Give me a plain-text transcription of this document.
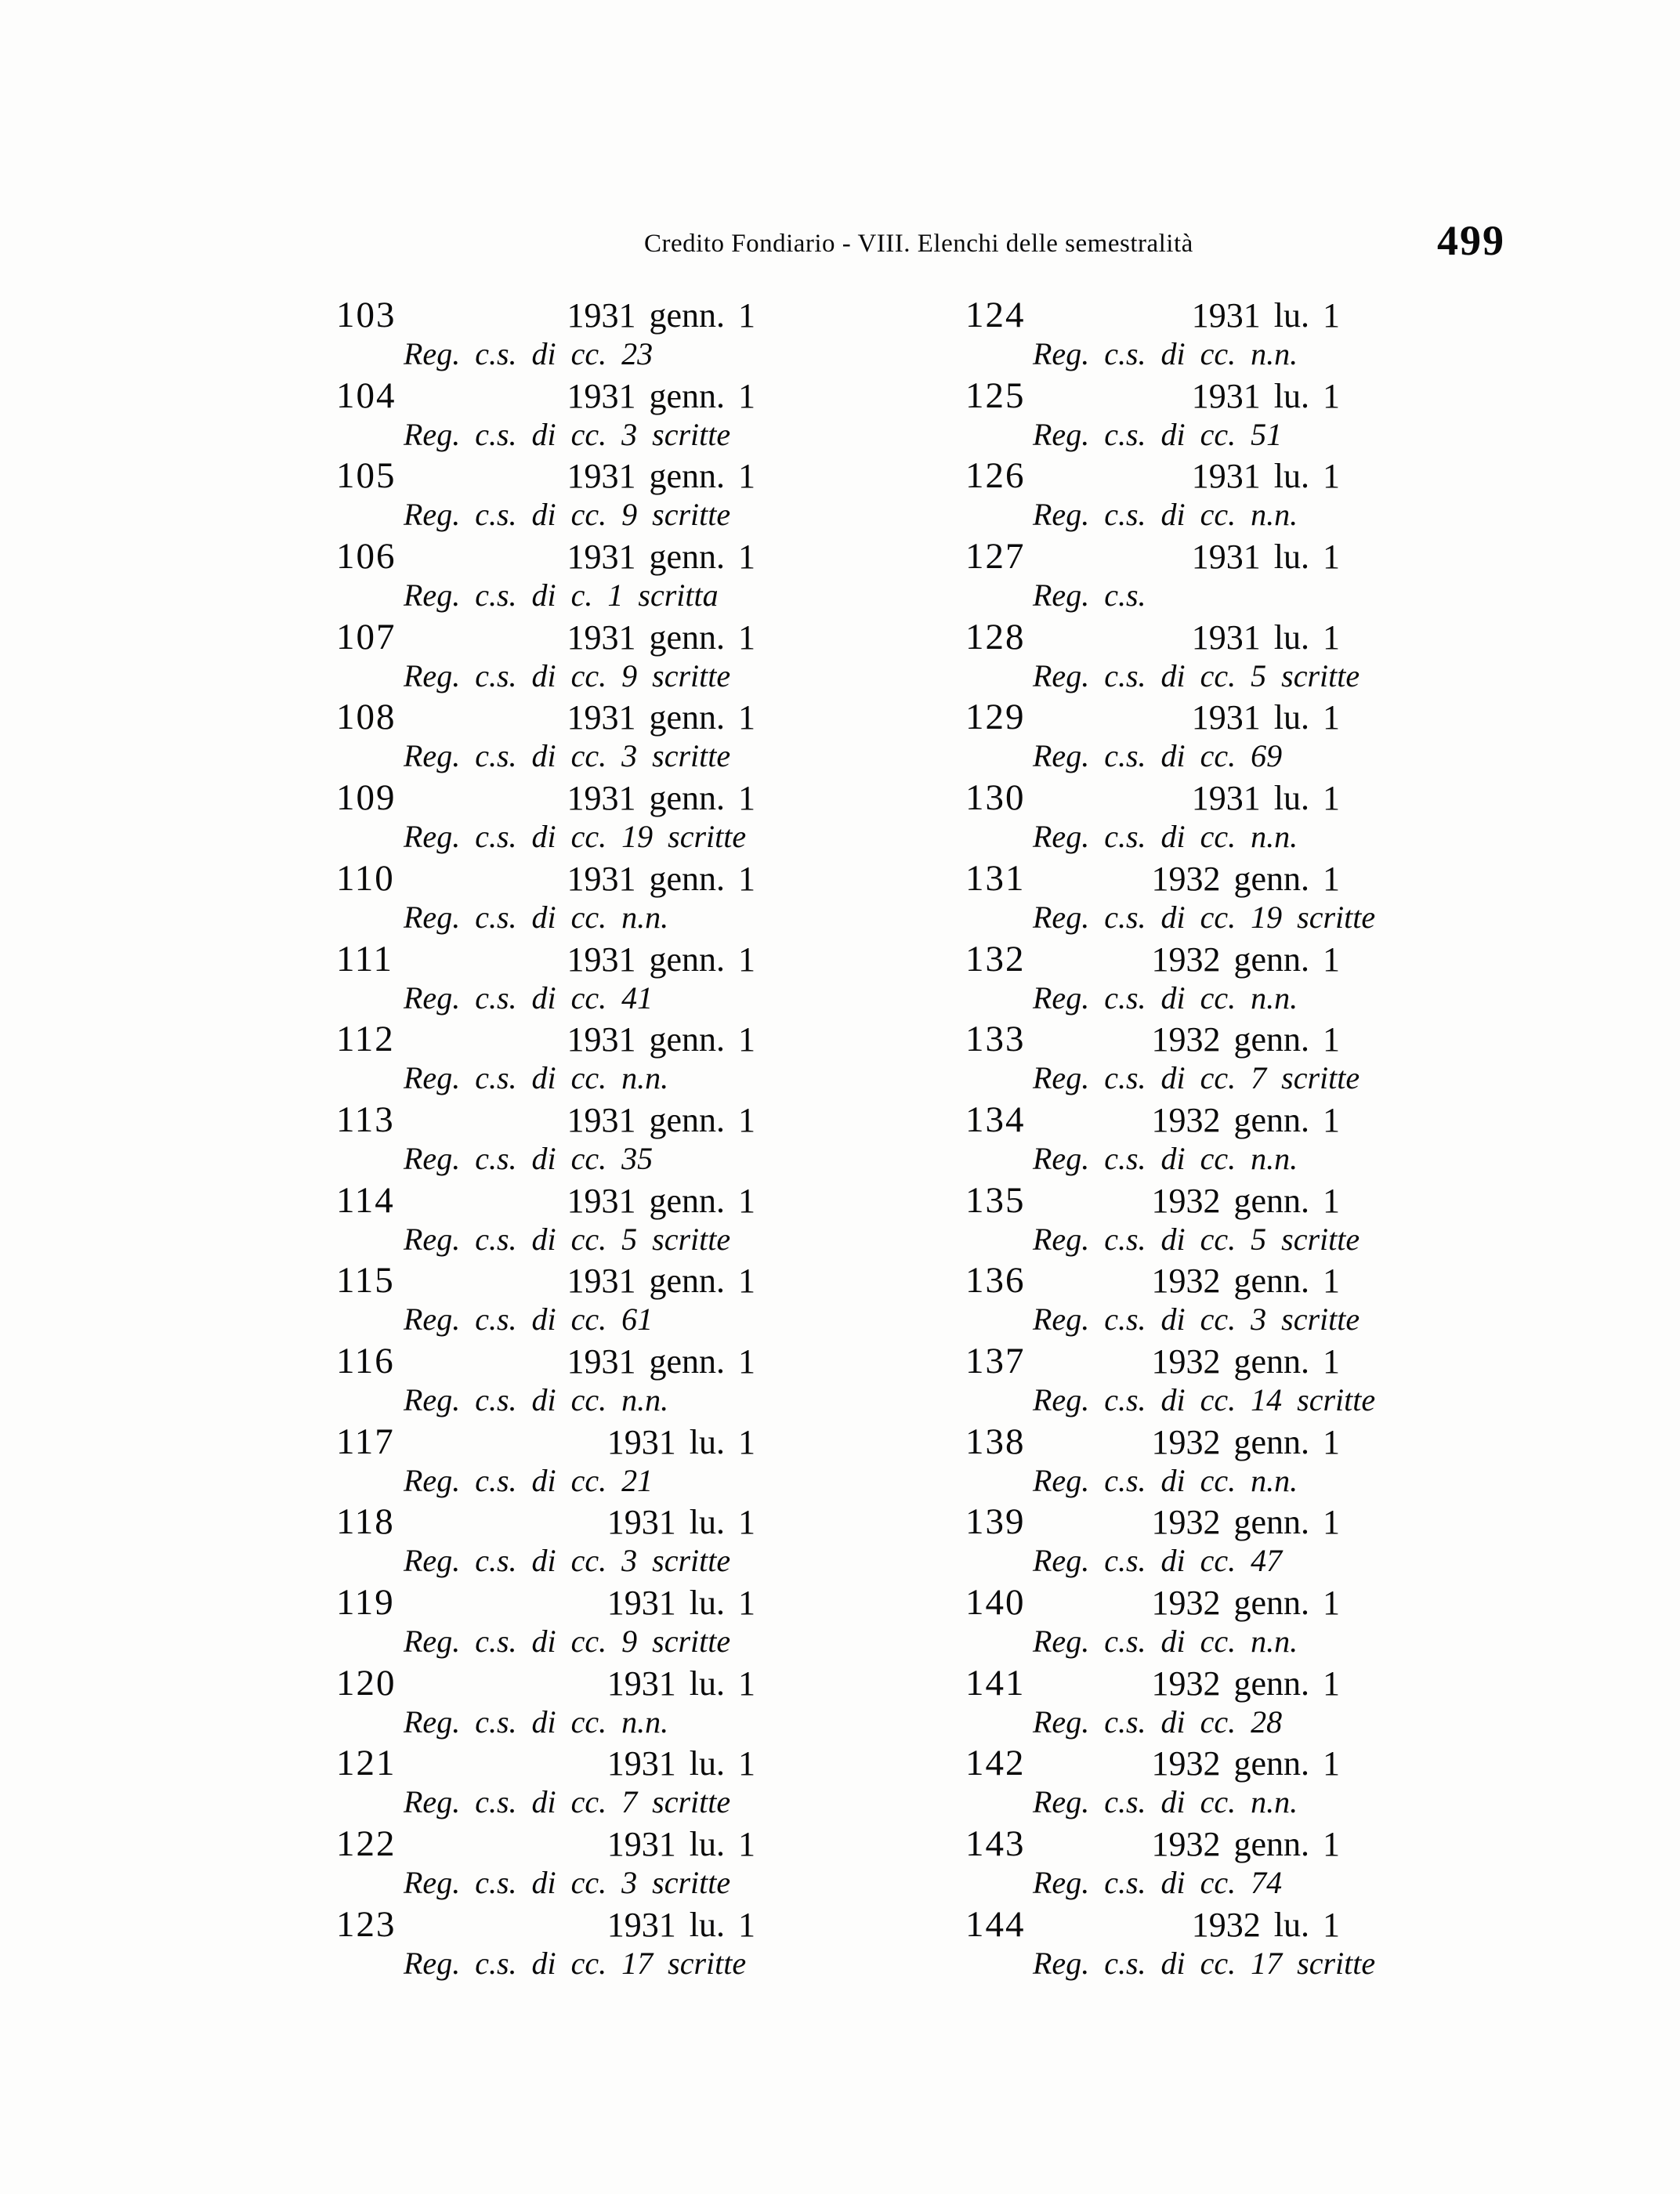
Credito Fondiario - VIII. Elenchi delle semestralità	499
103	1931 genn. 1
Reg. c.s. di cc. 23
104	1931 genn. 1
Reg. c.s. di cc. 3 scritte
105	1931 genn. 1
Reg. c.s. di cc. 9 scritte
106	1931 genn. 1
Reg. c.s. di c. 1 scritta
107	1931 genn. 1
Reg. c.s. di cc. 9 scritte
108	1931 genn. 1
Reg. c.s. di cc. 3 scritte
109	1931 genn. 1
Reg. c.s. di cc. 19 scritte
110	1931 genn. 1
Reg. c.s. di cc. n.n.
111	1931 genn. 1
Reg. c.s. di cc. 41
112	1931 genn. 1
Reg. c.s. di cc. n.n.
113	1931 genn. 1
Reg. c.s. di cc. 35
114	1931 genn. 1
Reg. c.s. di cc. 5 scritte
115	1931 genn. 1
Reg. c.s. di cc. 61
116	1931 genn. 1
Reg. c.s. di cc. n.n.
117	1931 lu. 1
Reg. c.s. di cc. 21
118	1931 lu. 1
Reg. c.s. di cc. 3 scritte
119	1931 lu. 1
Reg. c.s. di cc. 9 scritte
120	1931 lu. 1
Reg. c.s. di cc. n.n.
121	1931 lu. 1
Reg. c.s. di cc. 7 scritte
122	1931 lu. 1
Reg. c.s. di cc. 3 scritte
123	1931 lu. 1
Reg. c.s. di cc. 17 scritte
124	1931 lu. 1
Reg. c.s. di cc. n.n.
125	1931 lu. 1
Reg. c.s. di cc. 51
126	1931 lu. 1
Reg. c.s. di cc. n.n.
127	1931 lu. 1
Reg. c.s.
128	1931 lu. 1
Reg. c.s. di cc. 5 scritte
129	1931 lu. 1
Reg. c.s. di cc. 69
130	1931 lu. 1
Reg. c.s. di cc. n.n.
131	1932 genn. 1
Reg. c.s. di cc. 19 scritte
132	1932 genn. 1
Reg. c.s. di cc. n.n.
133	1932 genn. 1
Reg. c.s. di cc. 7 scritte
134	1932 genn. 1
Reg. c.s. di cc. n.n.
135	1932 genn. 1
Reg. c.s. di cc. 5 scritte
136	1932 genn. 1
Reg. c.s. di cc. 3 scritte
137	1932 genn. 1
Reg. c.s. di cc. 14 scritte
138	1932 genn. 1
Reg. c.s. di cc. n.n.
139	1932 genn. 1
Reg. c.s. di cc. 47
140	1932 genn. 1
Reg. c.s. di cc. n.n.
141	1932 genn. 1
Reg. c.s. di cc. 28
142	1932 genn. 1
Reg. c.s. di cc. n.n.
143	1932 genn. 1
Reg. c.s. di cc. 74
144	1932 lu. 1
Reg. c.s. di cc. 17 scritte
